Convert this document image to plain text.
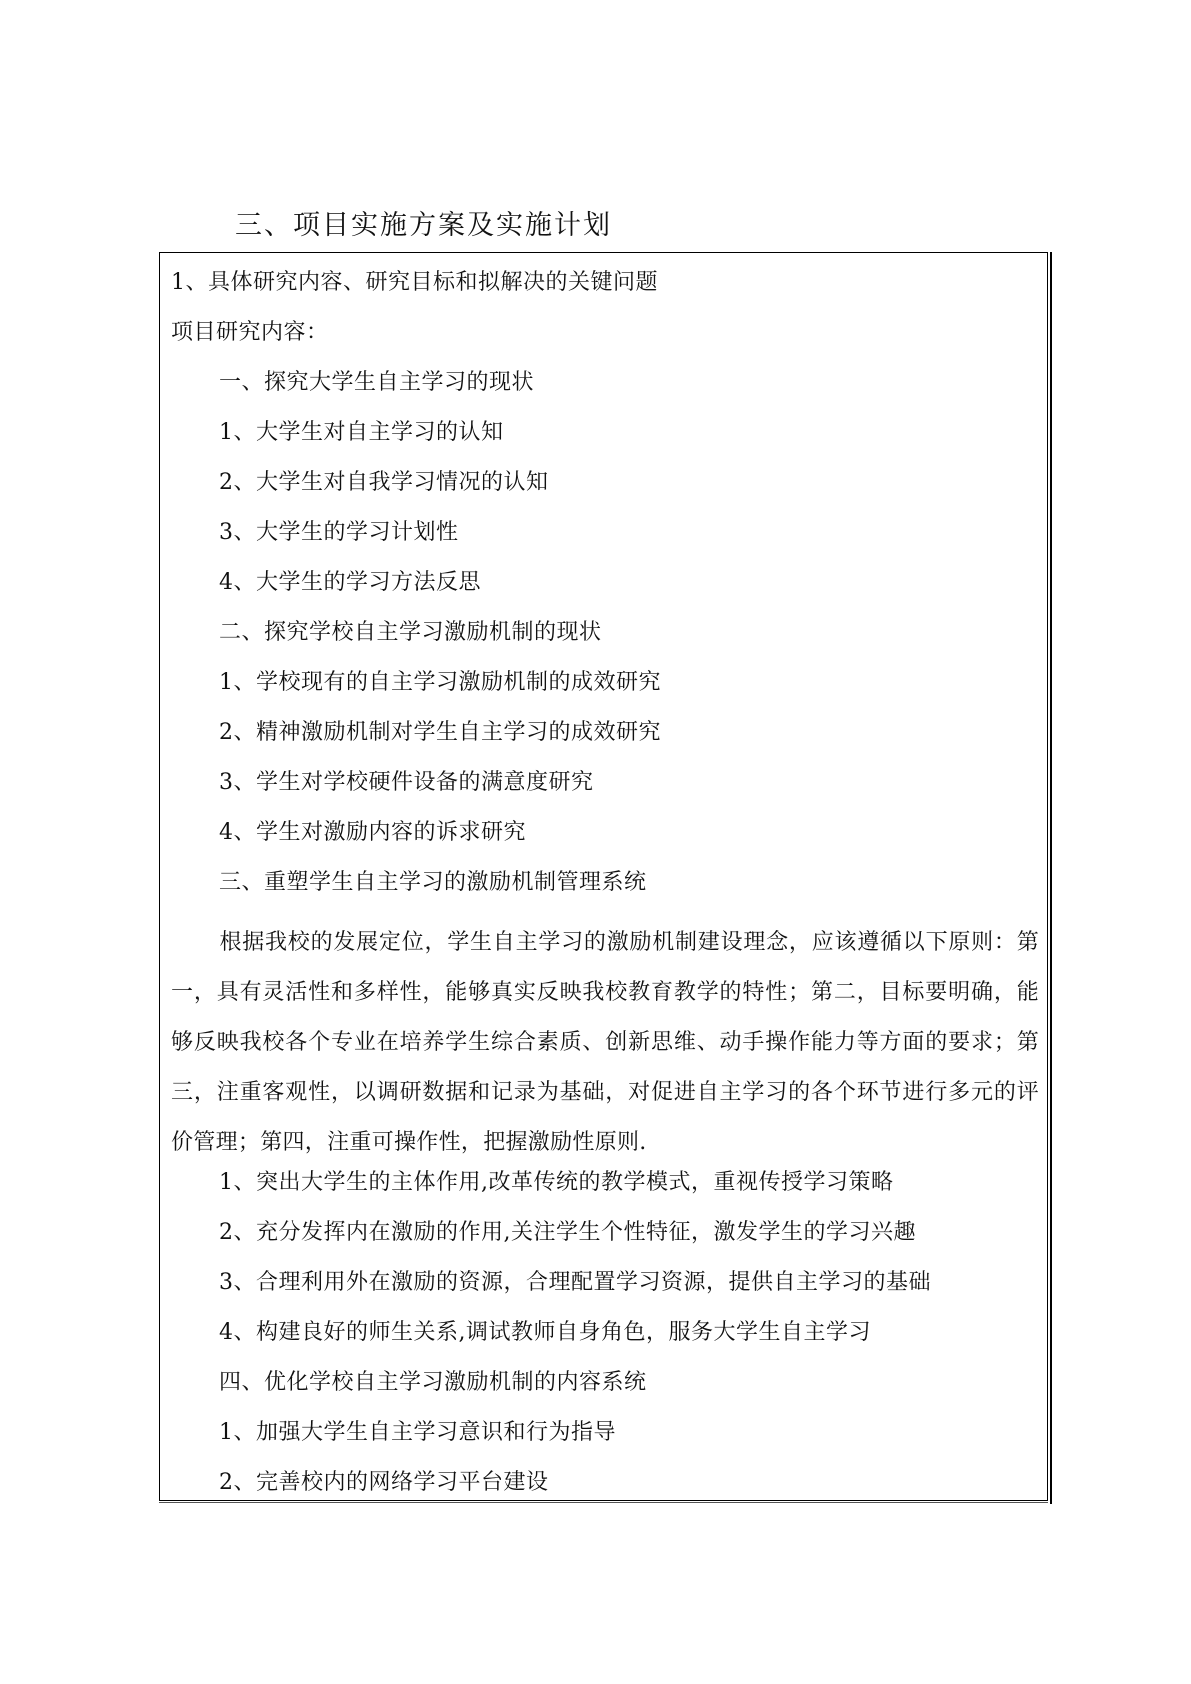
三、项目实施方案及实施计划
1、具体研究内容、研究目标和拟解决的关键问题
项目研究内容：
一、探究大学生自主学习的现状
1、大学生对自主学习的认知
2、大学生对自我学习情况的认知
3、大学生的学习计划性
4、大学生的学习方法反思
二、探究学校自主学习激励机制的现状
1、学校现有的自主学习激励机制的成效研究
2、精神激励机制对学生自主学习的成效研究
3、学生对学校硬件设备的满意度研究
4、学生对激励内容的诉求研究
三、重塑学生自主学习的激励机制管理系统
根据我校的发展定位，学生自主学习的激励机制建设理念，应该遵循以下原则：第一，具有灵活性和多样性，能够真实反映我校教育教学的特性；第二，目标要明确，能够反映我校各个专业在培养学生综合素质、创新思维、动手操作能力等方面的要求；第三，注重客观性，以调研数据和记录为基础，对促进自主学习的各个环节进行多元的评价管理；第四，注重可操作性，把握激励性原则.
1、突出大学生的主体作用,改革传统的教学模式，重视传授学习策略
2、充分发挥内在激励的作用,关注学生个性特征，激发学生的学习兴趣
3、合理利用外在激励的资源，合理配置学习资源，提供自主学习的基础
4、构建良好的师生关系,调试教师自身角色，服务大学生自主学习
四、优化学校自主学习激励机制的内容系统
1、加强大学生自主学习意识和行为指导
2、完善校内的网络学习平台建设
